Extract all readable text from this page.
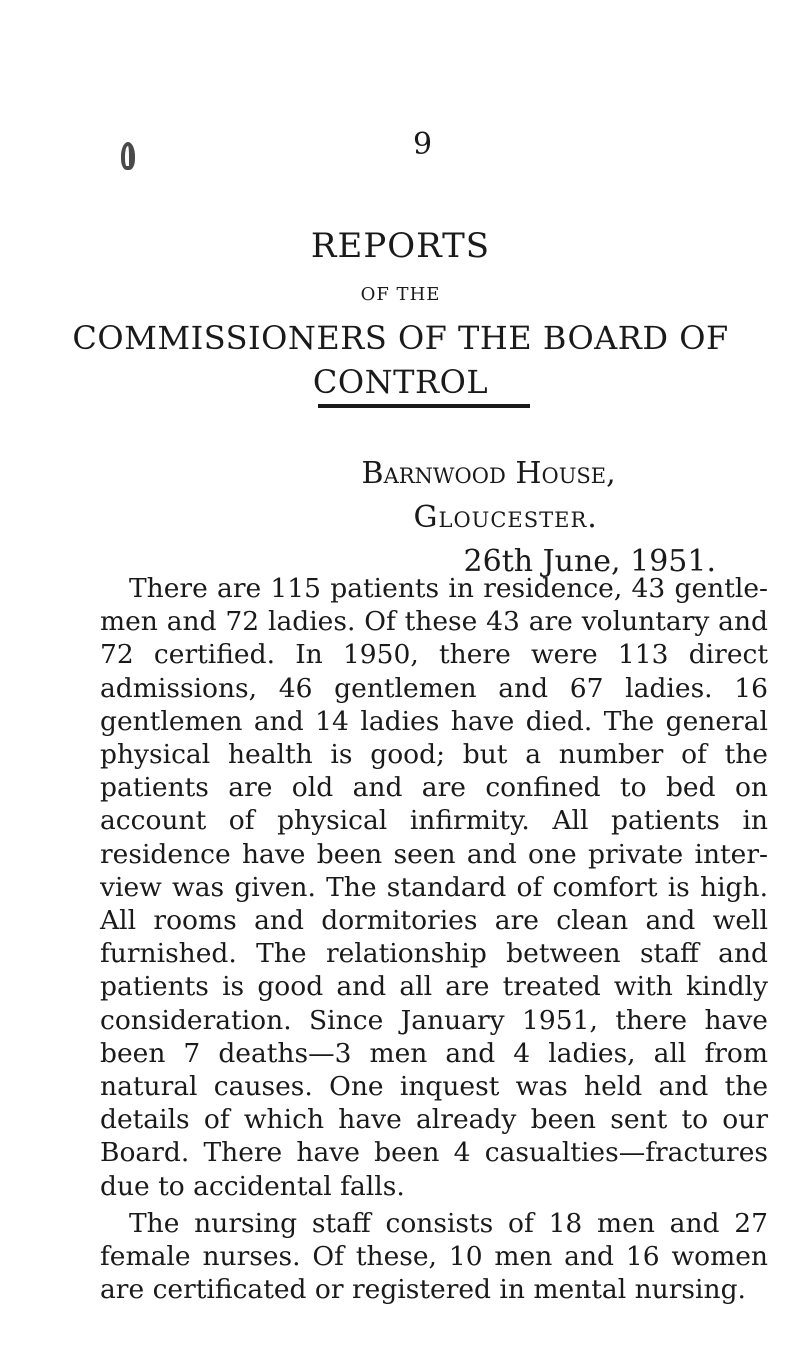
9
REPORTS
OF THE
COMMISSIONERS OF THE BOARD OF
CONTROL
Barnwood House,
Gloucester.
26th June, 1951.

There are 115 patients in residence, 43 gentle-men and 72 ladies. Of these 43 are voluntary and 72 certified. In 1950, there were 113 direct admissions, 46 gentlemen and 67 ladies. 16 gentlemen and 14 ladies have died. The general physical health is good; but a number of the patients are old and are confined to bed on account of physical infirmity. All patients in residence have been seen and one private inter-view was given. The standard of comfort is high. All rooms and dormitories are clean and well furnished. The relationship between staff and patients is good and all are treated with kindly consideration. Since January 1951, there have been 7 deaths—3 men and 4 ladies, all from natural causes. One inquest was held and the details of which have already been sent to our Board. There have been 4 casualties—fractures due to accidental falls.

The nursing staff consists of 18 men and 27 female nurses. Of these, 10 men and 16 women are certificated or registered in mental nursing.
